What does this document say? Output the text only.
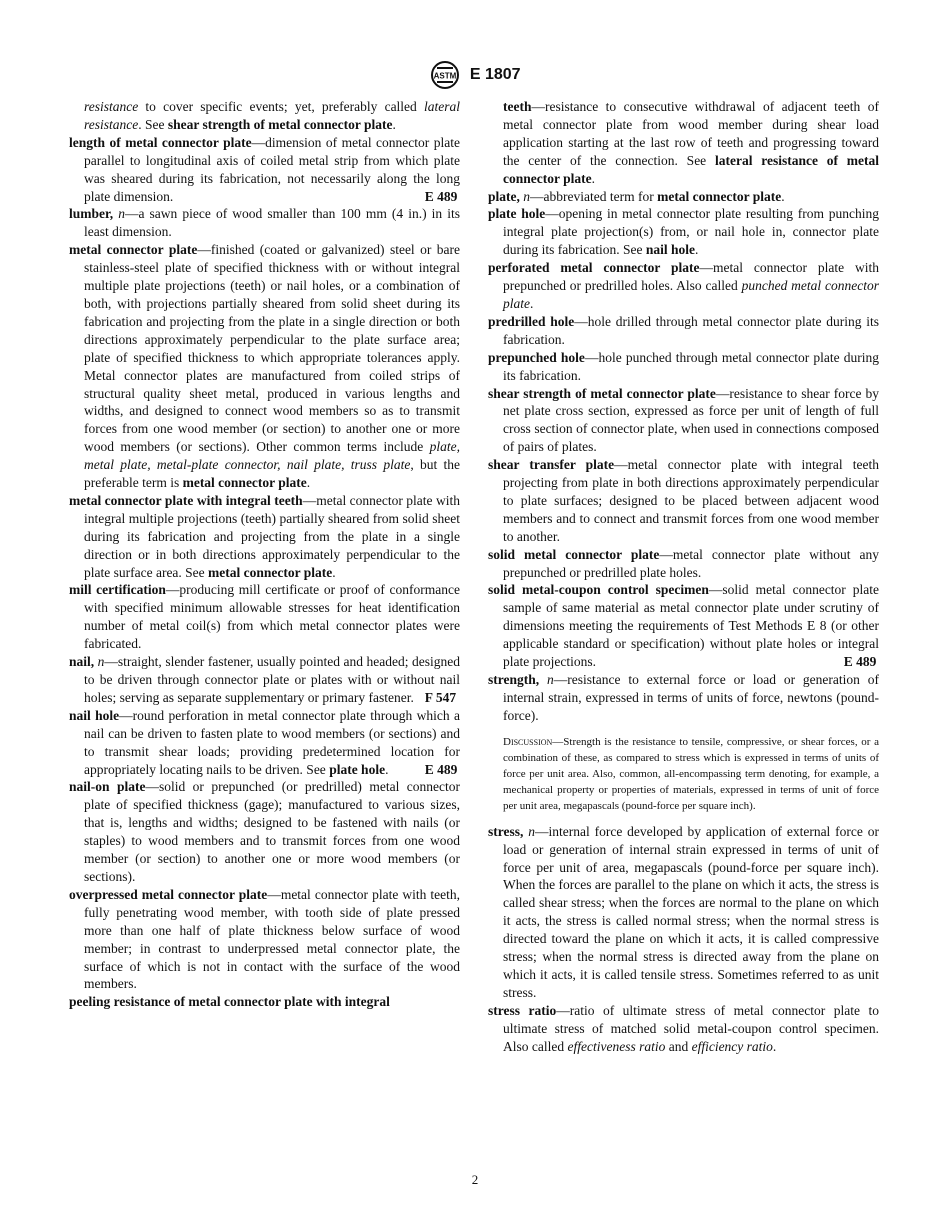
ASTM E 1807

resistance to cover specific events; yet, preferably called lateral resistance. See shear strength of metal connector plate.

length of metal connector plate—dimension of metal connector plate parallel to longitudinal axis of coiled metal strip from which plate was sheared during its fabrication, not necessarily along the long plate dimension.	E 489

lumber, n—a sawn piece of wood smaller than 100 mm (4 in.) in its least dimension.

metal connector plate—finished (coated or galvanized) steel or bare stainless-steel plate of specified thickness with or without integral multiple plate projections (teeth) or nail holes, or a combination of both, with projections partially sheared from solid sheet during its fabrication and projecting from the plate in a single direction or both directions approximately perpendicular to the plate surface area; plate of specified thickness to which appropriate tolerances apply. Metal connector plates are manufactured from coiled strips of structural quality sheet metal, produced in various lengths and widths, and designed to connect wood members so as to transmit forces from one wood member (or section) to another one or more wood members (or sections). Other common terms include plate, metal plate, metal-plate connector, nail plate, truss plate, but the preferable term is metal connector plate.

metal connector plate with integral teeth—metal connector plate with integral multiple projections (teeth) partially sheared from solid sheet during its fabrication and projecting from the plate in a single direction or in both directions approximately perpendicular to the plate surface area. See metal connector plate.

mill certification—producing mill certificate or proof of conformance with specified minimum allowable stresses for heat identification number of metal coil(s) from which metal connector plates were fabricated.

nail, n—straight, slender fastener, usually pointed and headed; designed to be driven through connector plate or plates with or without nail holes; serving as separate supplementary or primary fastener. F 547

nail hole—round perforation in metal connector plate through which a nail can be driven to fasten plate to wood members (or sections) and to transmit shear loads; providing predetermined location for appropriately locating nails to be driven. See plate hole.	E 489

nail-on plate—solid or prepunched (or predrilled) metal connector plate of specified thickness (gage); manufactured to various sizes, that is, lengths and widths; designed to be fastened with nails (or staples) to wood members and to transmit forces from one wood member (or section) to another one or more wood members (or sections).

overpressed metal connector plate—metal connector plate with teeth, fully penetrating wood member, with tooth side of plate pressed more than one half of plate thickness below surface of wood member; in contrast to underpressed metal connector plate, the surface of which is not in contact with the surface of the wood members.

peeling resistance of metal connector plate with integral

teeth—resistance to consecutive withdrawal of adjacent teeth of metal connector plate from wood member during shear load application starting at the last row of teeth and progressing toward the center of the connection. See lateral resistance of metal connector plate.

plate, n—abbreviated term for metal connector plate.

plate hole—opening in metal connector plate resulting from punching integral plate projection(s) from, or nail hole in, connector plate during its fabrication. See nail hole.

perforated metal connector plate—metal connector plate with prepunched or predrilled holes. Also called punched metal connector plate.

predrilled hole—hole drilled through metal connector plate during its fabrication.

prepunched hole—hole punched through metal connector plate during its fabrication.

shear strength of metal connector plate—resistance to shear force by net plate cross section, expressed as force per unit of length of full cross section of connector plate, when used in connections composed of pairs of plates.

shear transfer plate—metal connector plate with integral teeth projecting from plate in both directions approximately perpendicular to plate surfaces; designed to be placed between adjacent wood members and to connect and transmit forces from one wood member to another.

solid metal connector plate—metal connector plate without any prepunched or predrilled plate holes.

solid metal-coupon control specimen—solid metal connector plate sample of same material as metal connector plate under scrutiny of dimensions meeting the requirements of Test Methods E 8 (or other applicable standard or specification) without plate holes or integral plate projections.	E 489

strength, n—resistance to external force or load or generation of internal strain, expressed in terms of units of force, newtons (pound-force).

Discussion—Strength is the resistance to tensile, compressive, or shear forces, or a combination of these, as compared to stress which is expressed in terms of units of force per unit area. Also, common, all-encompassing term denoting, for example, a mechanical property or properties of materials, expressed in terms of unit of force per unit area, megapascals (pound-force per square inch).

stress, n—internal force developed by application of external force or load or generation of internal strain expressed in terms of unit of force per unit of area, megapascals (pound-force per square inch). When the forces are parallel to the plane on which it acts, the stress is called shear stress; when the forces are normal to the plane on which it acts, the stress is called normal stress; when the normal stress is directed toward the plane on which it acts, it is called compressive stress; when the normal stress is directed away from the plane on which it acts, it is called tensile stress. Sometimes referred to as unit stress.

stress ratio—ratio of ultimate stress of metal connector plate to ultimate stress of matched solid metal-coupon control specimen. Also called effectiveness ratio and efficiency ratio.

2
